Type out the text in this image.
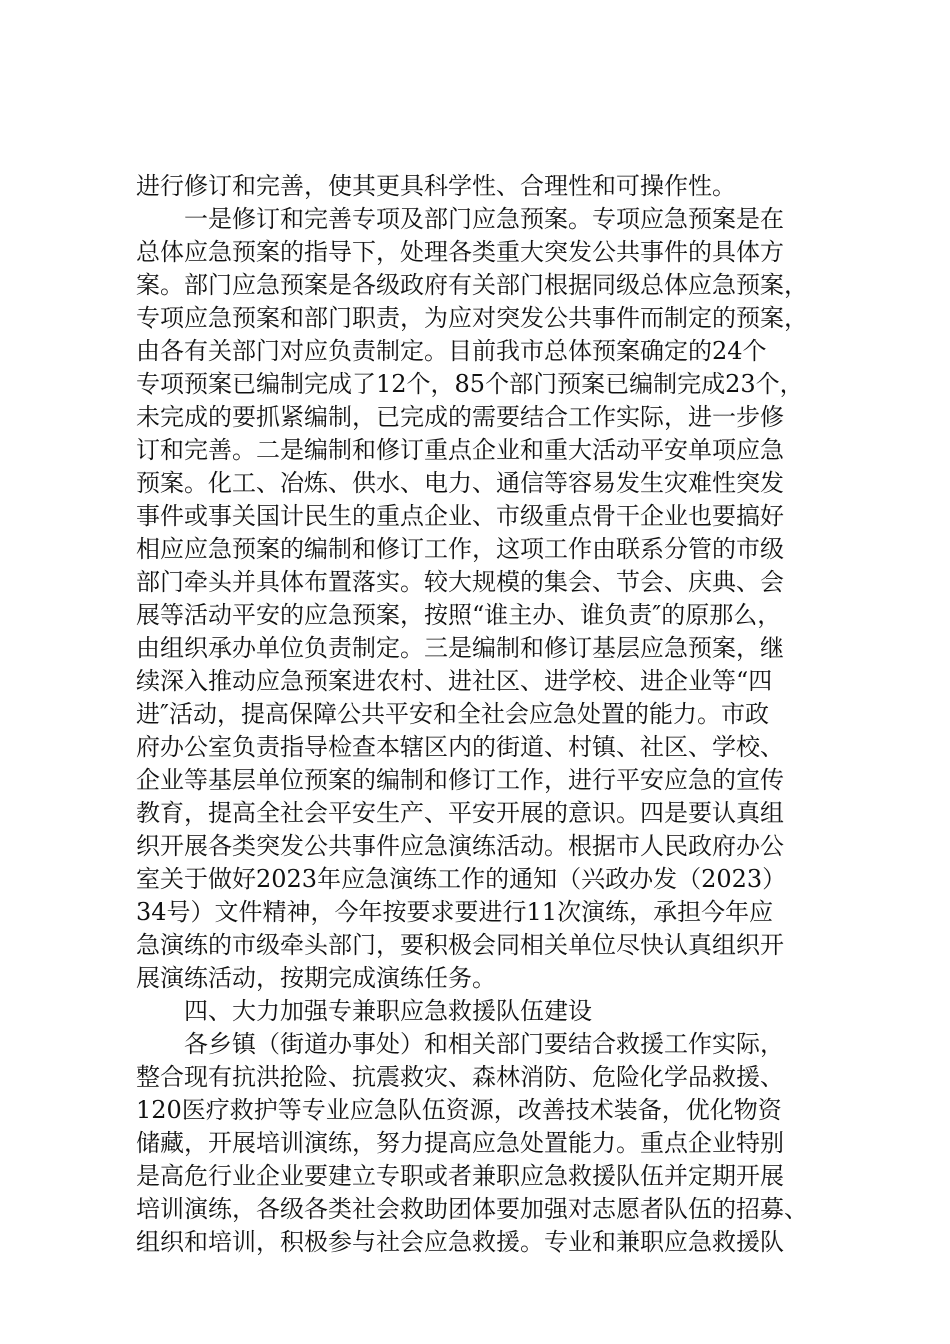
进行修订和完善，使其更具科学性、合理性和可操作性。
一是修订和完善专项及部门应急预案。专项应急预案是在
总体应急预案的指导下，处理各类重大突发公共事件的具体方
案。部门应急预案是各级政府有关部门根据同级总体应急预案，
专项应急预案和部门职责，为应对突发公共事件而制定的预案，
由各有关部门对应负责制定。目前我市总体预案确定的24个
专项预案已编制完成了12个，85个部门预案已编制完成23个，
未完成的要抓紧编制，已完成的需要结合工作实际，进一步修
订和完善。二是编制和修订重点企业和重大活动平安单项应急
预案。化工、冶炼、供水、电力、通信等容易发生灾难性突发
事件或事关国计民生的重点企业、市级重点骨干企业也要搞好
相应应急预案的编制和修订工作，这项工作由联系分管的市级
部门牵头并具体布置落实。较大规模的集会、节会、庆典、会
展等活动平安的应急预案，按照“谁主办、谁负责″的原那么，
由组织承办单位负责制定。三是编制和修订基层应急预案，继
续深入推动应急预案进农村、进社区、进学校、进企业等“四
进″活动，提高保障公共平安和全社会应急处置的能力。市政
府办公室负责指导检查本辖区内的街道、村镇、社区、学校、
企业等基层单位预案的编制和修订工作，进行平安应急的宣传
教育，提高全社会平安生产、平安开展的意识。四是要认真组
织开展各类突发公共事件应急演练活动。根据市人民政府办公
室关于做好2023年应急演练工作的通知（兴政办发（2023）
34号）文件精神，今年按要求要进行11次演练，承担今年应
急演练的市级牵头部门，要积极会同相关单位尽快认真组织开
展演练活动，按期完成演练任务。
四、大力加强专兼职应急救援队伍建设
各乡镇（街道办事处）和相关部门要结合救援工作实际，
整合现有抗洪抢险、抗震救灾、森林消防、危险化学品救援、
120医疗救护等专业应急队伍资源，改善技术装备，优化物资
储藏，开展培训演练，努力提高应急处置能力。重点企业特别
是高危行业企业要建立专职或者兼职应急救援队伍并定期开展
培训演练，各级各类社会救助团体要加强对志愿者队伍的招募、
组织和培训，积极参与社会应急救援。专业和兼职应急救援队
